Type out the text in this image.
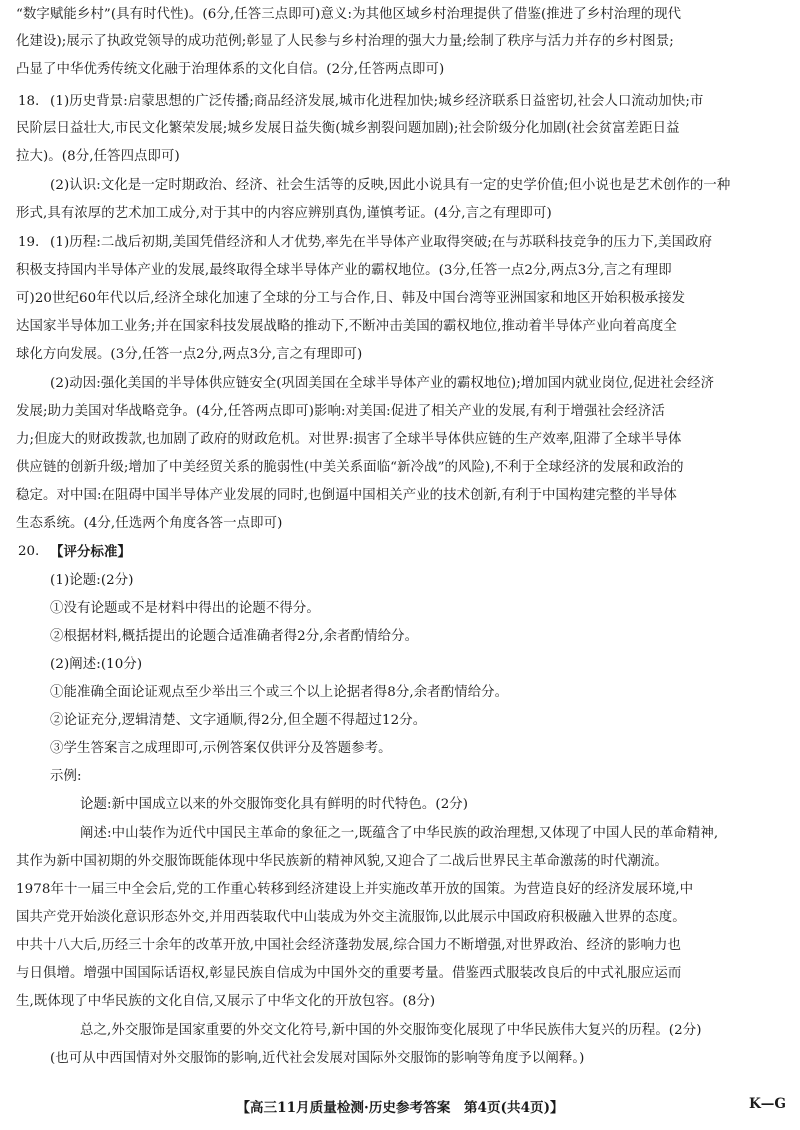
“数字赋能乡村”(具有时代性)。(6分,任答三点即可)意义:为其他区域乡村治理提供了借鉴(推进了乡村治理的现代
化建设);展示了执政党领导的成功范例;彰显了人民参与乡村治理的强大力量;绘制了秩序与活力并存的乡村图景;
凸显了中华优秀传统文化融于治理体系的文化自信。(2分,任答两点即可)
18. (1)历史背景:启蒙思想的广泛传播;商品经济发展,城市化进程加快;城乡经济联系日益密切,社会人口流动加快;市
民阶层日益壮大,市民文化繁荣发展;城乡发展日益失衡(城乡割裂问题加剧);社会阶级分化加剧(社会贫富差距日益
拉大)。(8分,任答四点即可)
(2)认识:文化是一定时期政治、经济、社会生活等的反映,因此小说具有一定的史学价值;但小说也是艺术创作的一种
形式,具有浓厚的艺术加工成分,对于其中的内容应辨别真伪,谨慎考证。(4分,言之有理即可)
19. (1)历程:二战后初期,美国凭借经济和人才优势,率先在半导体产业取得突破;在与苏联科技竞争的压力下,美国政府
积极支持国内半导体产业的发展,最终取得全球半导体产业的霸权地位。(3分,任答一点2分,两点3分,言之有理即
可)20世纪60年代以后,经济全球化加速了全球的分工与合作,日、韩及中国台湾等亚洲国家和地区开始积极承接发
达国家半导体加工业务;并在国家科技发展战略的推动下,不断冲击美国的霸权地位,推动着半导体产业向着高度全
球化方向发展。(3分,任答一点2分,两点3分,言之有理即可)
(2)动因:强化美国的半导体供应链安全(巩固美国在全球半导体产业的霸权地位);增加国内就业岗位,促进社会经济
发展;助力美国对华战略竞争。(4分,任答两点即可)影响:对美国:促进了相关产业的发展,有利于增强社会经济活
力;但庞大的财政拨款,也加剧了政府的财政危机。对世界:损害了全球半导体供应链的生产效率,阻滞了全球半导体
供应链的创新升级;增加了中美经贸关系的脆弱性(中美关系面临“新冷战”的风险),不利于全球经济的发展和政治的
稳定。对中国:在阻碍中国半导体产业发展的同时,也倒逼中国相关产业的技术创新,有利于中国构建完整的半导体
生态系统。(4分,任选两个角度各答一点即可)
20. 【评分标准】
(1)论题:(2分)
①没有论题或不是材料中得出的论题不得分。
②根据材料,概括提出的论题合适准确者得2分,余者酌情给分。
(2)阐述:(10分)
①能准确全面论证观点至少举出三个或三个以上论据者得8分,余者酌情给分。
②论证充分,逻辑清楚、文字通顺,得2分,但全题不得超过12分。
③学生答案言之成理即可,示例答案仅供评分及答题参考。
示例:
论题:新中国成立以来的外交服饰变化具有鲜明的时代特色。(2分)
阐述:中山装作为近代中国民主革命的象征之一,既蕴含了中华民族的政治理想,又体现了中国人民的革命精神,
其作为新中国初期的外交服饰既能体现中华民族新的精神风貌,又迎合了二战后世界民主革命激荡的时代潮流。
1978年十一届三中全会后,党的工作重心转移到经济建设上并实施改革开放的国策。为营造良好的经济发展环境,中
国共产党开始淡化意识形态外交,并用西装取代中山装成为外交主流服饰,以此展示中国政府积极融入世界的态度。
中共十八大后,历经三十余年的改革开放,中国社会经济蓬勃发展,综合国力不断增强,对世界政治、经济的影响力也
与日俱增。增强中国国际话语权,彰显民族自信成为中国外交的重要考量。借鉴西式服装改良后的中式礼服应运而
生,既体现了中华民族的文化自信,又展示了中华文化的开放包容。(8分)
总之,外交服饰是国家重要的外交文化符号,新中国的外交服饰变化展现了中华民族伟大复兴的历程。(2分)
(也可从中西国情对外交服饰的影响,近代社会发展对国际外交服饰的影响等角度予以阐释。)
【高三11月质量检测·历史参考答案　第4页(共4页)】	K—G
